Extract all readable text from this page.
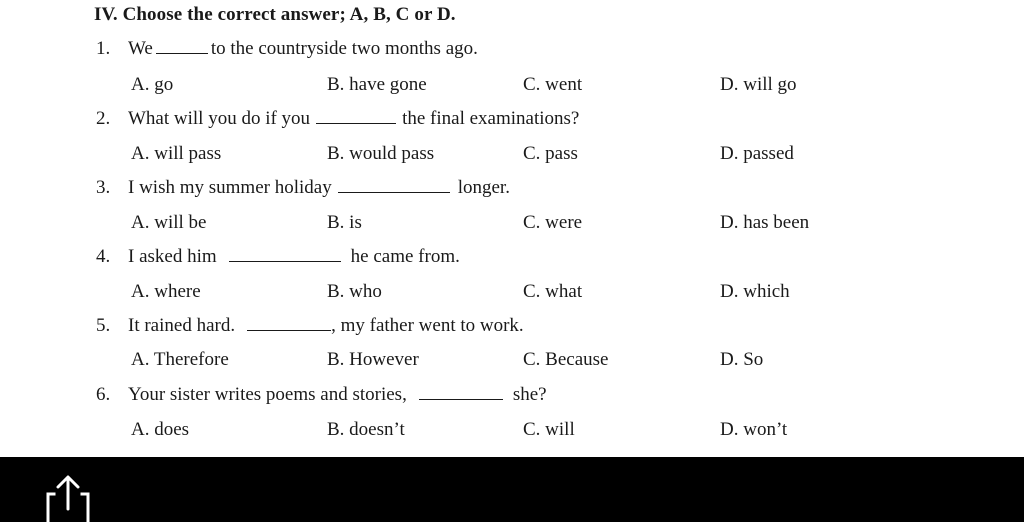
IV. Choose the correct answer; A, B, C or D.
1. We	to the countryside two months ago.
A. go	B. have gone	C. went	D. will go
2. What will you do if you	the final examinations?
A. will pass	B. would pass	C. pass	D. passed
3. I wish my summer holiday	longer.
A. will be	B. is	C. were	D. has been
4. I asked him	he came from.
A. where	B. who	C. what	D. which
5. It rained hard.	, my father went to work.
A. Therefore	B. However	C. Because	D. So
6. Your sister writes poems and stories,	she?
A. does	B. doesn’t	C. will	D. won’t
